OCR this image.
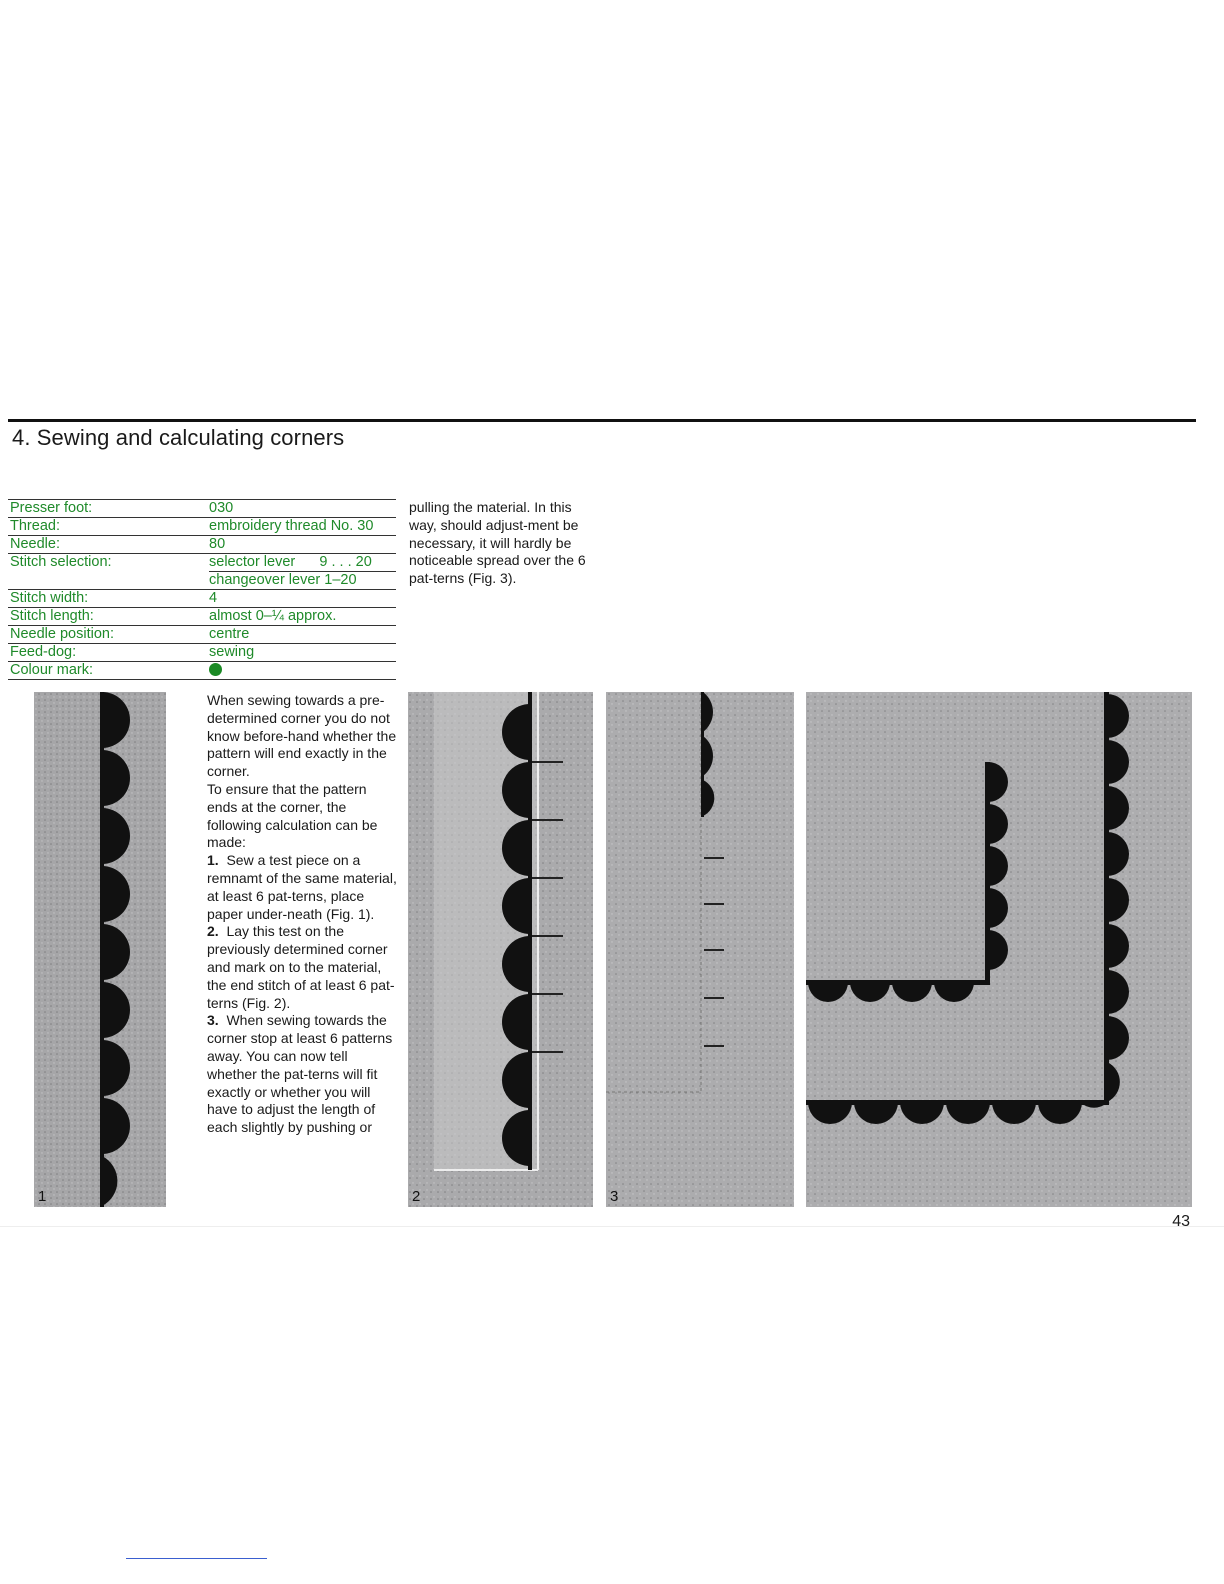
4. Sewing and calculating corners
Presser foot:	030
Thread:	embroidery thread No. 30
Needle:	80
Stitch selection:	selector lever      9 . . . 20
changeover lever 1–20
Stitch width:	4
Stitch length:	almost 0–¼ approx.
Needle position:	centre
Feed-dog:	sewing
Colour mark:

pulling the material. In this way, should adjust-ment be necessary, it will hardly be noticeable spread over the 6 pat-terns (Fig. 3).

When sewing towards a pre-determined corner you do not know before-hand whether the pattern will end exactly in the corner.

To ensure that the pattern ends at the corner, the following calculation can be made:

1. Sew a test piece on a remnamt of the same material, at least 6 pat-terns, place paper under-neath (Fig. 1).

2. Lay this test on the previously determined corner and mark on to the material, the end stitch of at least 6 pat-terns (Fig. 2).

3. When sewing towards the corner stop at least 6 patterns away. You can now tell whether the pat-terns will fit exactly or whether you will have to adjust the length of each slightly by pushing or

1	2	3
43
